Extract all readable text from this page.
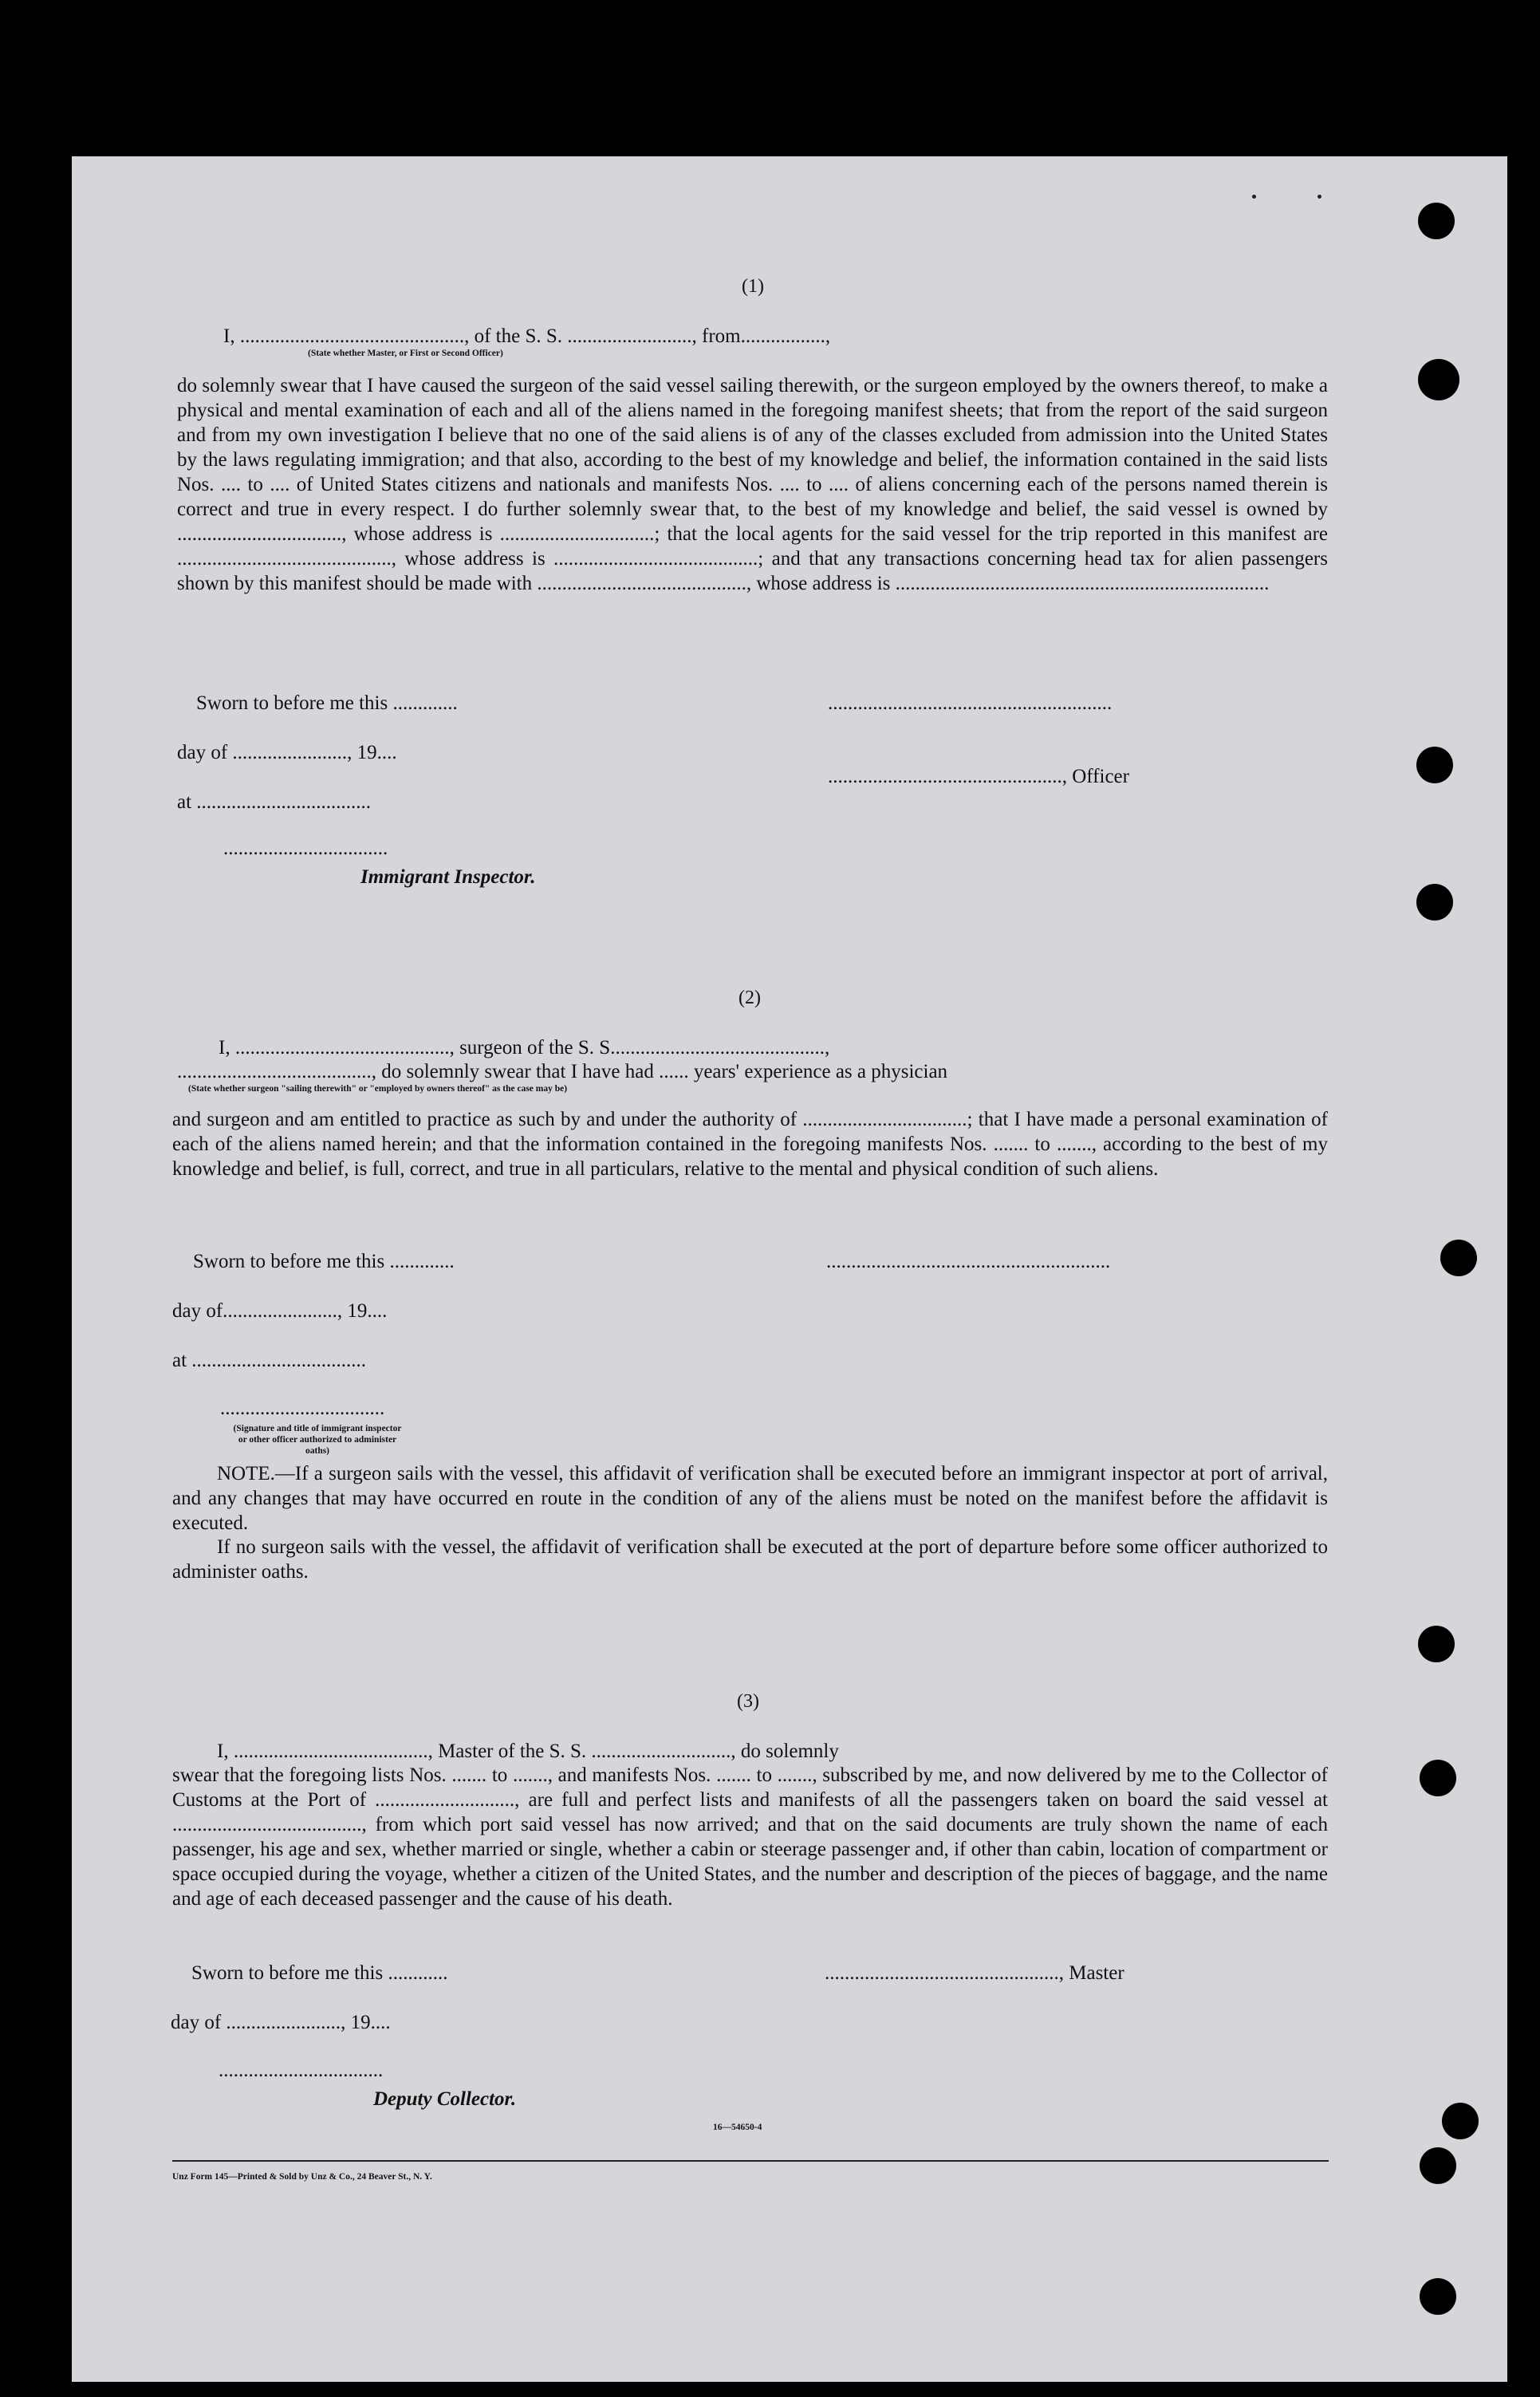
(1)
I, ............................................., of the S. S. ........................., from.................,
(State whether Master, or First or Second Officer)
do solemnly swear that I have caused the surgeon of the said vessel sailing therewith, or the surgeon employed by the owners thereof, to make a physical and mental examination of each and all of the aliens named in the foregoing manifest sheets; that from the report of the said surgeon and from my own investigation I believe that no one of the said aliens is of any of the classes excluded from admission into the United States by the laws regulating immigration; and that also, according to the best of my knowledge and belief, the information contained in the said lists Nos. .... to .... of United States citizens and nationals and manifests Nos. .... to .... of aliens concerning each of the persons named therein is correct and true in every respect. I do further solemnly swear that, to the best of my knowledge and belief, the said vessel is owned by ................................., whose address is ...............................; that the local agents for the said vessel for the trip reported in this manifest are ..........................................., whose address is .........................................; and that any transactions concerning head tax for alien passengers shown by this manifest should be made with .........................................., whose address is ...........................................................................
Sworn to before me this .............	.........................................................
day of ......................., 19....
..............................................., Officer
at ...................................
.................................
Immigrant Inspector.
(2)
I, ..........................................., surgeon of the S. S...........................................,
......................................., do solemnly swear that I have had ...... years' experience as a physician
(State whether surgeon "sailing therewith" or "employed by owners thereof" as the case may be)
and surgeon and am entitled to practice as such by and under the authority of .................................; that I have made a personal examination of each of the aliens named herein; and that the information contained in the foregoing manifests Nos. ....... to ......., according to the best of my knowledge and belief, is full, correct, and true in all particulars, relative to the mental and physical condition of such aliens.
Sworn to before me this .............	.........................................................
day of......................., 19....
at ...................................
.................................
(Signature and title of immigrant inspector or other officer authorized to administer oaths)
NOTE.—If a surgeon sails with the vessel, this affidavit of verification shall be executed before an immigrant inspector at port of arrival, and any changes that may have occurred en route in the condition of any of the aliens must be noted on the manifest before the affidavit is executed.
If no surgeon sails with the vessel, the affidavit of verification shall be executed at the port of departure before some officer authorized to administer oaths.
(3)
I, ......................................., Master of the S. S. ............................, do solemnly
swear that the foregoing lists Nos. ....... to ......., and manifests Nos. ....... to ......., subscribed by me, and now delivered by me to the Collector of Customs at the Port of ............................, are full and perfect lists and manifests of all the passengers taken on board the said vessel at ......................................, from which port said vessel has now arrived; and that on the said documents are truly shown the name of each passenger, his age and sex, whether married or single, whether a cabin or steerage passenger and, if other than cabin, location of compartment or space occupied during the voyage, whether a citizen of the United States, and the number and description of the pieces of baggage, and the name and age of each deceased passenger and the cause of his death.
Sworn to before me this ............	..............................................., Master
day of ......................., 19....
.................................
Deputy Collector.
16—54650-4
Unz Form 145—Printed & Sold by Unz & Co., 24 Beaver St., N. Y.
